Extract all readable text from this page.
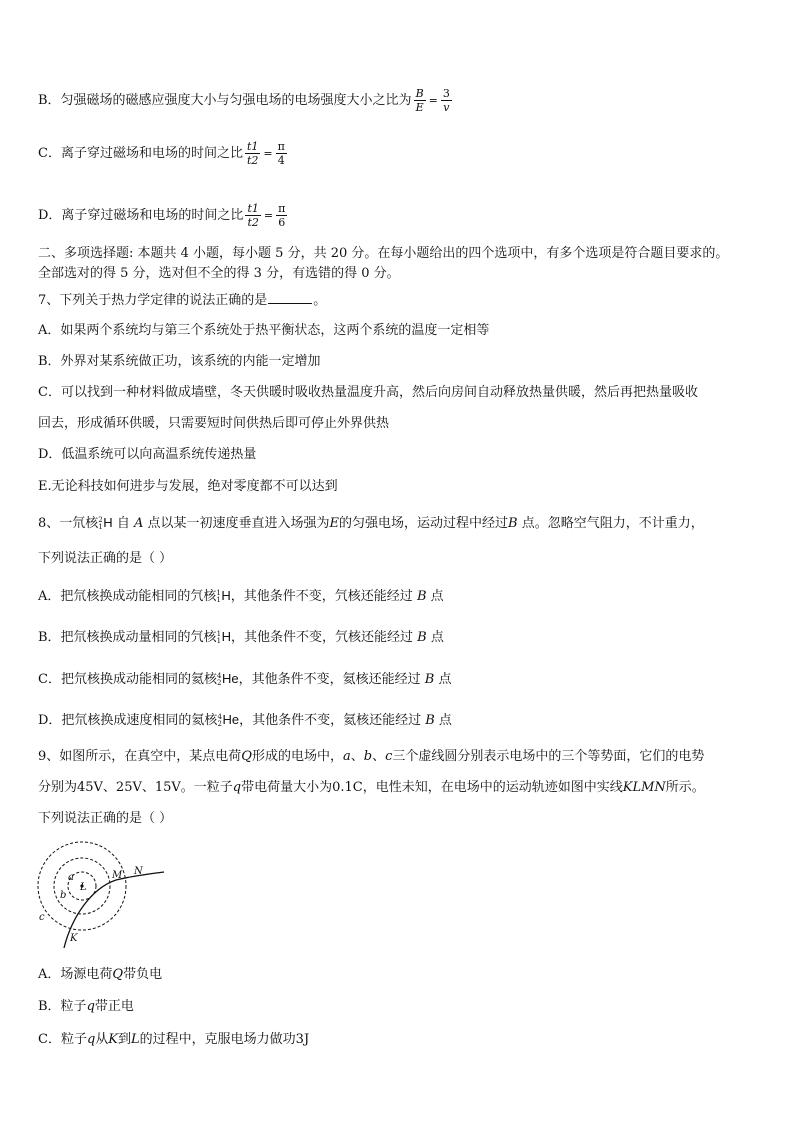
B．匀强磁场的磁感应强度大小与匀强电场的电场强度大小之比为 $\frac{B}{E} = \frac{3}{v}$
C．离子穿过磁场和电场的时间之比 $\frac{t1}{t2} = \frac{\pi}{4}$
D．离子穿过磁场和电场的时间之比 $\frac{t1}{t2} = \frac{\pi}{6}$
二、多项选择题: 本题共 4 小题，每小题 5 分，共 20 分。在每小题给出的四个选项中，有多个选项是符合题目要求的。
全部选对的得 5 分，选对但不全的得 3 分，有选错的得 0 分。
7、下列关于热力学定律的说法正确的是	。
A．如果两个系统均与第三个系统处于热平衡状态，这两个系统的温度一定相等
B．外界对某系统做正功，该系统的内能一定增加
C．可以找到一种材料做成墙壁，冬天供暖时吸收热量温度升高，然后向房间自动释放热量供暖，然后再把热量吸收
回去，形成循环供暖，只需要短时间供热后即可停止外界供热
D．低温系统可以向高温系统传递热量
E.无论科技如何进步与发展，绝对零度都不可以达到
8、一氘核 2
1 H 自 A 点以某一初速度垂直进入场强为E的匀强电场，运动过程中经过B 点。忽略空气阻力，不计重力，
下列说法正确的是（ ）
A．把氘核换成动能相同的氕核 1
1 H，其他条件不变，氕核还能经过 B 点
B．把氘核换成动量相同的氕核 1
1 H，其他条件不变，氕核还能经过 B 点
C．把氘核换成动能相同的氦核 4
2 He，其他条件不变，氦核还能经过 B 点
D．把氘核换成速度相同的氦核 4
2 He，其他条件不变，氦核还能经过 B 点
9、如图所示，在真空中，某点电荷Q形成的电场中，a、b、c三个虚线圆分别表示电场中的三个等势面，它们的电势
分别为45V、25V、15V。一粒子q带电荷量大小为0.1C，电性未知，在电场中的运动轨迹如图中实线KLMN所示。
下列说法正确的是（ ）
a
b
c
L
M N
K
A．场源电荷Q带负电
B．粒子q带正电
C．粒子q从K到L的过程中，克服电场力做功3J
